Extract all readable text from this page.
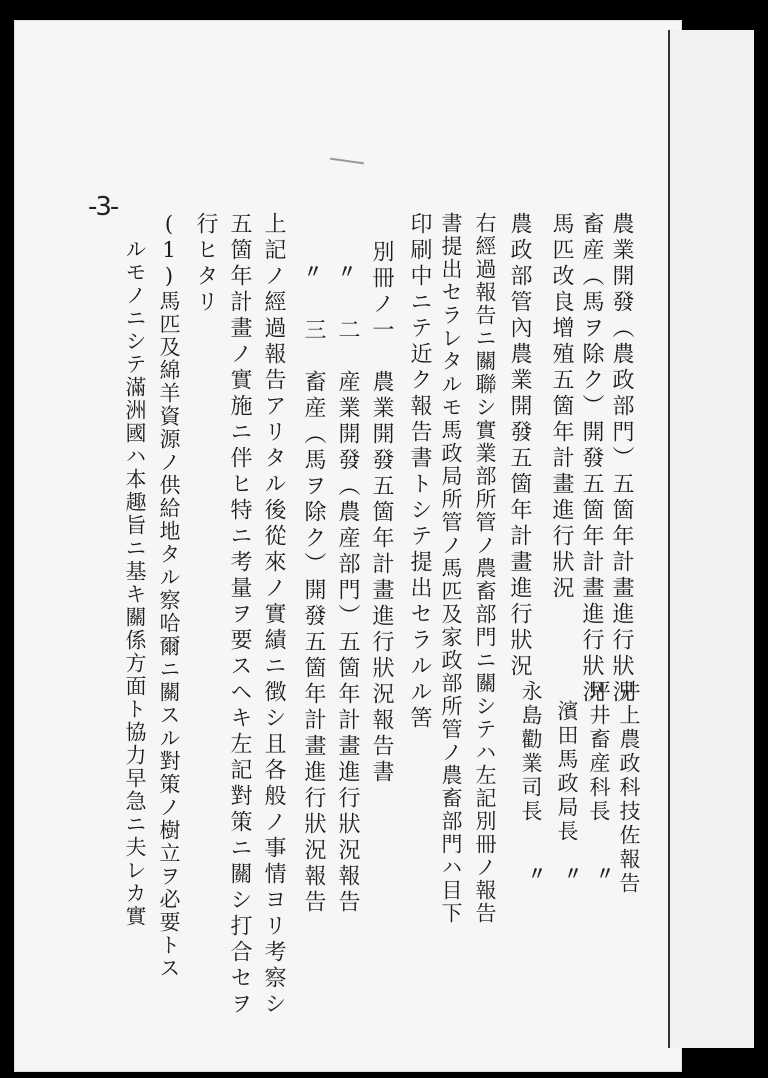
-3-
農業開發（農政部門）五箇年計畫進行狀況
畜産（馬ヲ除ク）開發五箇年計畫進行狀況
馬匹改良增殖五箇年計畫進行狀況
農政部管內農業開發五箇年計畫進行狀況
右經過報告ニ關聯シ實業部所管ノ農畜部門ニ關シテハ左記別冊ノ報告
書提出セラレタルモ馬政局所管ノ馬匹及家政部所管ノ農畜部門ハ目下
印刷中ニテ近ク報告書トシテ提出セラルル筈
別冊ノ一　農業開發五箇年計畫進行狀況報告書
二　産業開發（農産部門）五箇年計畫進行狀況報告
三　畜産（馬ヲ除ク）開發五箇年計畫進行狀況報告
上記ノ經過報告アリタル後從來ノ實績ニ徴シ且各般ノ事情ヨリ考察シ
五箇年計畫ノ實施ニ伴ヒ特ニ考量ヲ要スヘキ左記對策ニ關シ打合セヲ
行ヒタリ
(1)馬匹及綿羊資源ノ供給地タル察哈爾ニ關スル對策ノ樹立ヲ必要トス
ルモノニシテ滿洲國ハ本趣旨ニ基キ關係方面ト協力早急ニ夫レカ實	〃
〃
井上農政科技佐報告
坪井畜産科長
濱田馬政局長
永島勸業司長
〃
〃
〃
